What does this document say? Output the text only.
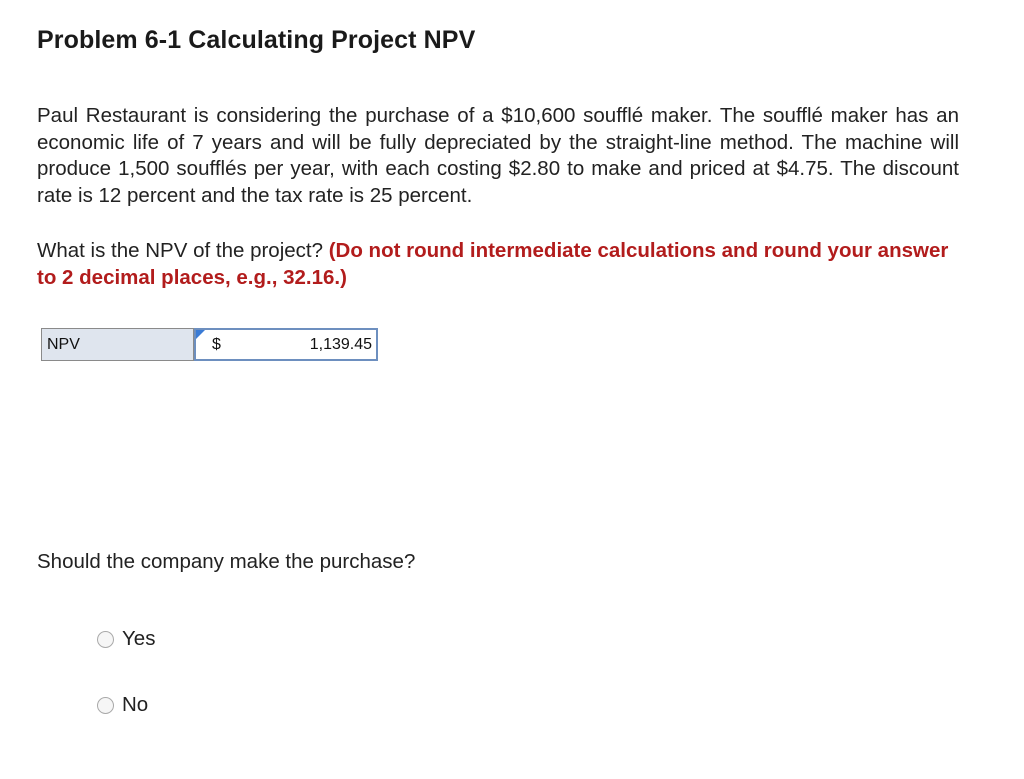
Problem 6-1 Calculating Project NPV
Paul Restaurant is considering the purchase of a $10,600 soufflé maker. The soufflé maker has an economic life of 7 years and will be fully depreciated by the straight-line method. The machine will produce 1,500 soufflés per year, with each costing $2.80 to make and priced at $4.75. The discount rate is 12 percent and the tax rate is 25 percent.
What is the NPV of the project? (Do not round intermediate calculations and round your answer to 2 decimal places, e.g., 32.16.)
NPV	$	1,139.45
Should the company make the purchase?
Yes
No
